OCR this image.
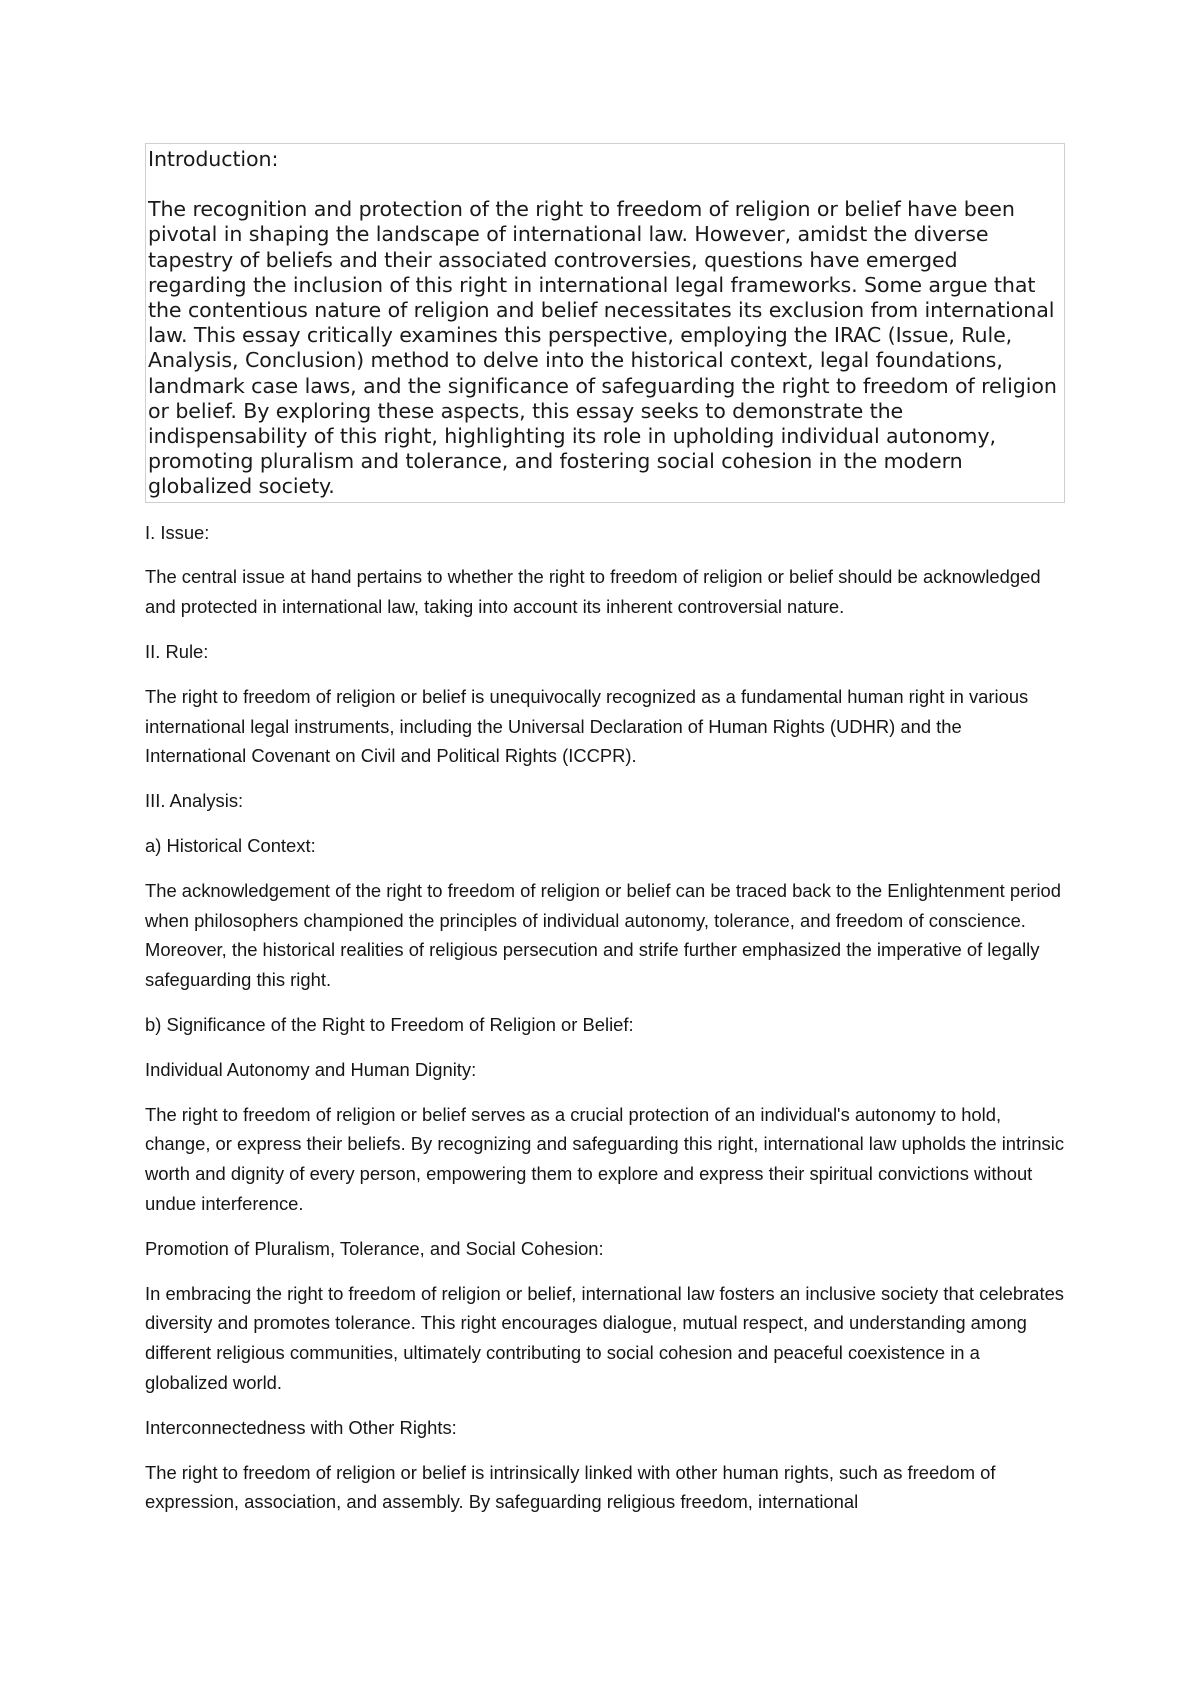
Introduction:

The recognition and protection of the right to freedom of religion or belief have been pivotal in shaping the landscape of international law. However, amidst the diverse tapestry of beliefs and their associated controversies, questions have emerged regarding the inclusion of this right in international legal frameworks. Some argue that the contentious nature of religion and belief necessitates its exclusion from international law. This essay critically examines this perspective, employing the IRAC (Issue, Rule, Analysis, Conclusion) method to delve into the historical context, legal foundations, landmark case laws, and the significance of safeguarding the right to freedom of religion or belief. By exploring these aspects, this essay seeks to demonstrate the indispensability of this right, highlighting its role in upholding individual autonomy, promoting pluralism and tolerance, and fostering social cohesion in the modern globalized society.

I. Issue:

The central issue at hand pertains to whether the right to freedom of religion or belief should be acknowledged and protected in international law, taking into account its inherent controversial nature.

II. Rule:

The right to freedom of religion or belief is unequivocally recognized as a fundamental human right in various international legal instruments, including the Universal Declaration of Human Rights (UDHR) and the International Covenant on Civil and Political Rights (ICCPR).

III. Analysis:

a) Historical Context:

The acknowledgement of the right to freedom of religion or belief can be traced back to the Enlightenment period when philosophers championed the principles of individual autonomy, tolerance, and freedom of conscience. Moreover, the historical realities of religious persecution and strife further emphasized the imperative of legally safeguarding this right.

b) Significance of the Right to Freedom of Religion or Belief:

Individual Autonomy and Human Dignity:

The right to freedom of religion or belief serves as a crucial protection of an individual's autonomy to hold, change, or express their beliefs. By recognizing and safeguarding this right, international law upholds the intrinsic worth and dignity of every person, empowering them to explore and express their spiritual convictions without undue interference.

Promotion of Pluralism, Tolerance, and Social Cohesion:

In embracing the right to freedom of religion or belief, international law fosters an inclusive society that celebrates diversity and promotes tolerance. This right encourages dialogue, mutual respect, and understanding among different religious communities, ultimately contributing to social cohesion and peaceful coexistence in a globalized world.

Interconnectedness with Other Rights:

The right to freedom of religion or belief is intrinsically linked with other human rights, such as freedom of expression, association, and assembly. By safeguarding religious freedom, international
